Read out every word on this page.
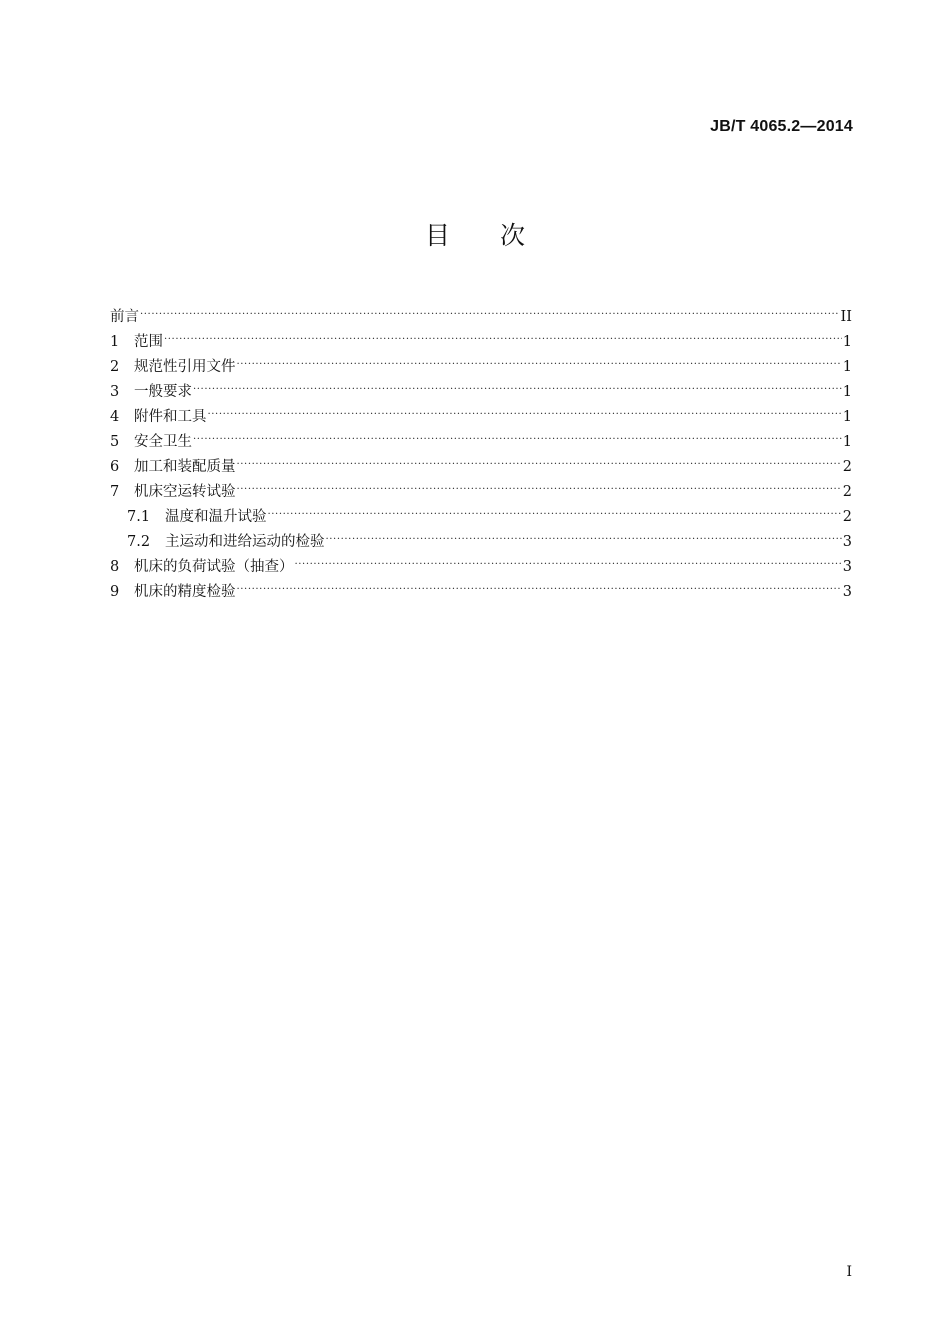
JB/T 4065.2—2014
目 次
前言 .....	II
1	范围 .....	1
2	规范性引用文件 .....	1
3	一般要求 .....	1
4	附件和工具 .....	1
5	安全卫生 .....	1
6	加工和装配质量 .....	2
7	机床空运转试验 .....	2
7.1	温度和温升试验 .....	2
7.2	主运动和进给运动的检验 .....	3
8	机床的负荷试验（抽查） .....	3
9	机床的精度检验 .....	3
I
